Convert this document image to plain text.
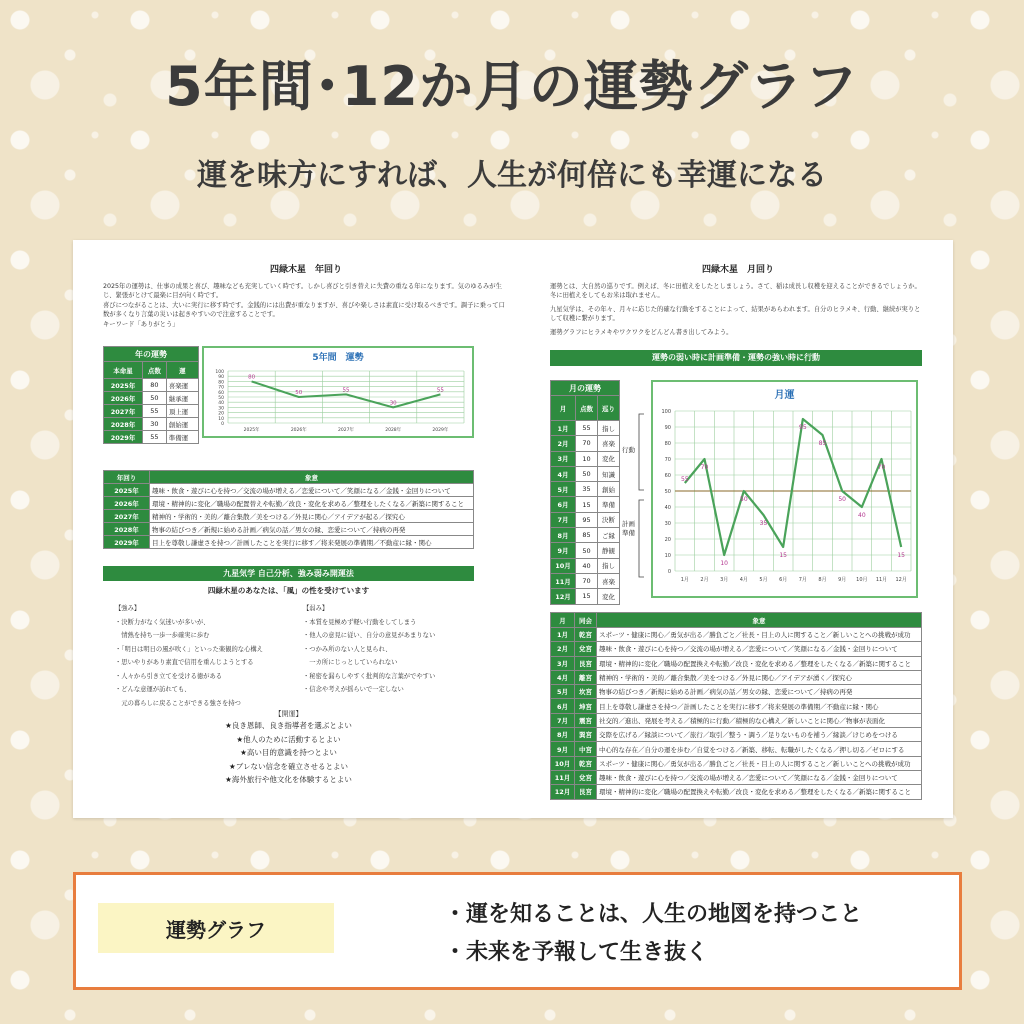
5年間･12か月の運勢グラフ
運を味方にすれば、人生が何倍にも幸運になる
四緑木星　年回り

2025年の運勢は、仕事の成果と喜び、趣味なども充実していく時です。しかし喜びと引き替えに失費の重なる年になります。気のゆるみが生じ、緊張がとけて最楽に目が向く時です。

喜びにつながることは、大いに実行に移す時です。金銭的には出費が重なりますが、喜びや楽しさは素直に受け取るべきです。調子に乗って口数が多くなり言葉の災いは起きやすいので注意することです。

キーワード「ありがとう」

年の運勢		
本命星	点数	運
2025年	80	喜楽運
2026年	50	継承運
2027年	55	頂上運
2028年	30	創始運
2029年	55	準備運
5年間　運勢
0
10
20
30
40
50
60
70
80
90
100
2025年	2026年	2027年	2028年	2029年
80
50	55
30
55
年回り	象意
2025年	趣味・飲食・遊びに心を持つ／交流の場が増える／恋愛について／笑顔になる／金銭・金回りについて
2026年	環境・精神的に変化／職場の配置替えや転勤／改良・変化を求める／整理をしたくなる／新築に関すること
2027年	精神的・学術的・美的／離合集散／美をつける／外見に関心／アイデアが起る／探究心
2028年	物事の結びつき／新規に始める計画／病気の話／男女の縁、恋愛について／持病の再発
2029年	目上を尊敬し謙虚さを持つ／計画したことを実行に移す／将来発展の準備期／不動産に縁・関心
九星気学 自己分析、強み弱み開運法
四緑木星のあなたは、「風」の性を受けています
【強み】
・決断力がなく気迷いが多いが、
　情熱を持ち一歩一歩確実に歩む
・「明日は明日の風が吹く」といった楽観的な心構え
・思いやりがあり素直で信用を重んじようとする
・人々から引き立てを受ける徳がある
・どんな意運が訪れても、
　元の暮らしに戻ることができる強さを持つ
【弱み】
・本質を見極めず軽い行動をしてしまう
・他人の意見に従い、自分の意見があまりない
・つかみ所のない人と見られ、
　一カ所にじっとしていられない
・秘密を漏らしやすく批判的な言葉がでやすい
・信念や考えが揺らいで一定しない
【開運】
★良き恩師、良き指導者を選ぶとよい
★他人のために活動するとよい
★高い目的意識を持つとよい
★ブレない信念を確立させるとよい
★海外旅行や他文化を体験するとよい
四緑木星　月回り

運勢とは、大自然の巡りです。例えば、冬に田植えをしたとしましょう。さて、稲は成長し収穫を迎えることができるでしょうか。冬に田植えをしてもお米は取れません。

九星気学は、その年々、月々に応じた的確な行動をすることによって、結果があらわれます。自分のヒラメキ、行動、継続が実りとして収穫に繋がります。

運勢グラフにヒラメキやワクワクをどんどん書き出してみよう。

運勢の弱い時に計画準備・運勢の強い時に行動
月の運勢		
月	点数	巡り
1月	55	指し
2月	70	喜楽
3月	10	変化
4月	50	知識
5月	35	創始
6月	15	準備
7月	95	決断
8月	85	ご縁
9月	50	静観
10月	40	指し
11月	70	喜楽
12月	15	変化
行動
計画
準備
月運
0
10
20
30
40
50
60
70
80
90
100
1月 2月 3月 4月 5月 6月 7月 8月 9月 10月 11月 12月
55
70
10
50
35
15
95
85
50
40
70
15
月	同会	象意
1月	乾宮	スポーツ・健康に関心／勇気が出る／勝負ごと／社長・目上の人に関すること／新しいことへの挑戦が成功
2月	兌宮	趣味・飲食・遊びに心を持つ／交流の場が増える／恋愛について／笑顔になる／金銭・金回りについて
3月	艮宮	環境・精神的に変化／職場の配置換えや転勤／改良・変化を求める／整理をしたくなる／新築に関すること
4月	離宮	精神的・学術的・美的／離合集散／美をつける／外見に関心／アイデアが湧く／探究心
5月	坎宮	物事の結びつき／新規に始める計画／病気の話／男女の縁、恋愛について／持病の再発
6月	坤宮	目上を尊敬し謙虚さを持つ／計画したことを実行に移す／将来発展の準備期／不動産に縁・関心
7月	震宮	社交的／進出、発展を考える／積極的に行動／積極的な心構え／新しいことに関心／物事が表面化
8月	巽宮	交際を広げる／縁談について／旅行／取引／整う・調う／足りないものを補う／縁談／けじめをつける
9月	中宮	中心的な存在／自分の運を歩む／自覚をつける／新築、移転、転職がしたくなる／押し切る／ゼロにする
10月	乾宮	スポーツ・健康に関心／勇気が出る／勝負ごと／社長・目上の人に関すること／新しいことへの挑戦が成功
11月	兌宮	趣味・飲食・遊びに心を持つ／交流の場が増える／恋愛について／笑顔になる／金銭・金回りについて
12月	艮宮	環境・精神的に変化／職場の配置換えや転勤／改良・変化を求める／整理をしたくなる／新築に関すること
運勢グラフ
・運を知ることは、人生の地図を持つこと
・未来を予報して生き抜く
